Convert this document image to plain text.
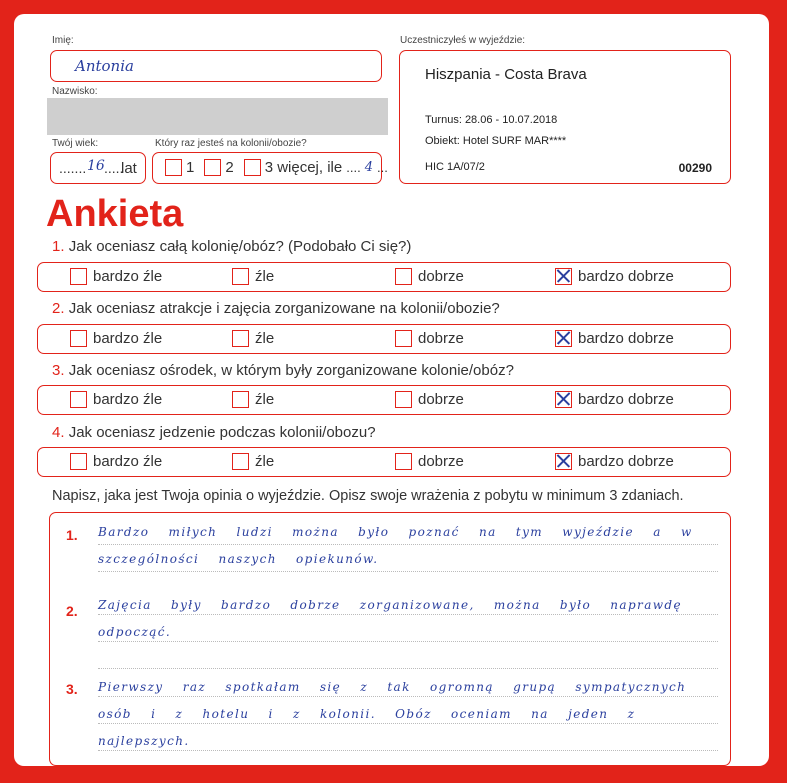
Imię:
Antonia
Nazwisko:
Twój wiek:
....... 16 .....
lat
Który raz jesteś na kolonii/obozie?
1 2 3 więcej, ile .... 4 ...
Uczestniczyłeś w wyjeździe:
Hiszpania - Costa Brava
Turnus: 28.06 - 10.07.2018
Obiekt: Hotel SURF MAR****
HIC 1A/07/2	00290
Ankieta
1. Jak oceniasz całą kolonię/obóz? (Podobało Ci się?)
bardzo źle	źle	dobrze	bardzo dobrze
2. Jak oceniasz atrakcje i zajęcia zorganizowane na kolonii/obozie?
bardzo źle	źle	dobrze	bardzo dobrze
3. Jak oceniasz ośrodek, w którym były zorganizowane kolonie/obóz?
bardzo źle	źle	dobrze	bardzo dobrze
4. Jak oceniasz jedzenie podczas kolonii/obozu?
bardzo źle	źle	dobrze	bardzo dobrze
Napisz, jaka jest Twoja opinia o wyjeździe. Opisz swoje wrażenia z pobytu w minimum 3 zdaniach.
1. Bardzo miłych ludzi można było poznać na tym wyjeździe a w szczególności naszych opiekunów.
2. Zajęcia były bardzo dobrze zorganizowane, można było naprawdę odpocząć.
3. Pierwszy raz spotkałam się z tak ogromną grupą sympatycznych osób i z hotelu i z kolonii. Obóz oceniam na jeden z najlepszych.
